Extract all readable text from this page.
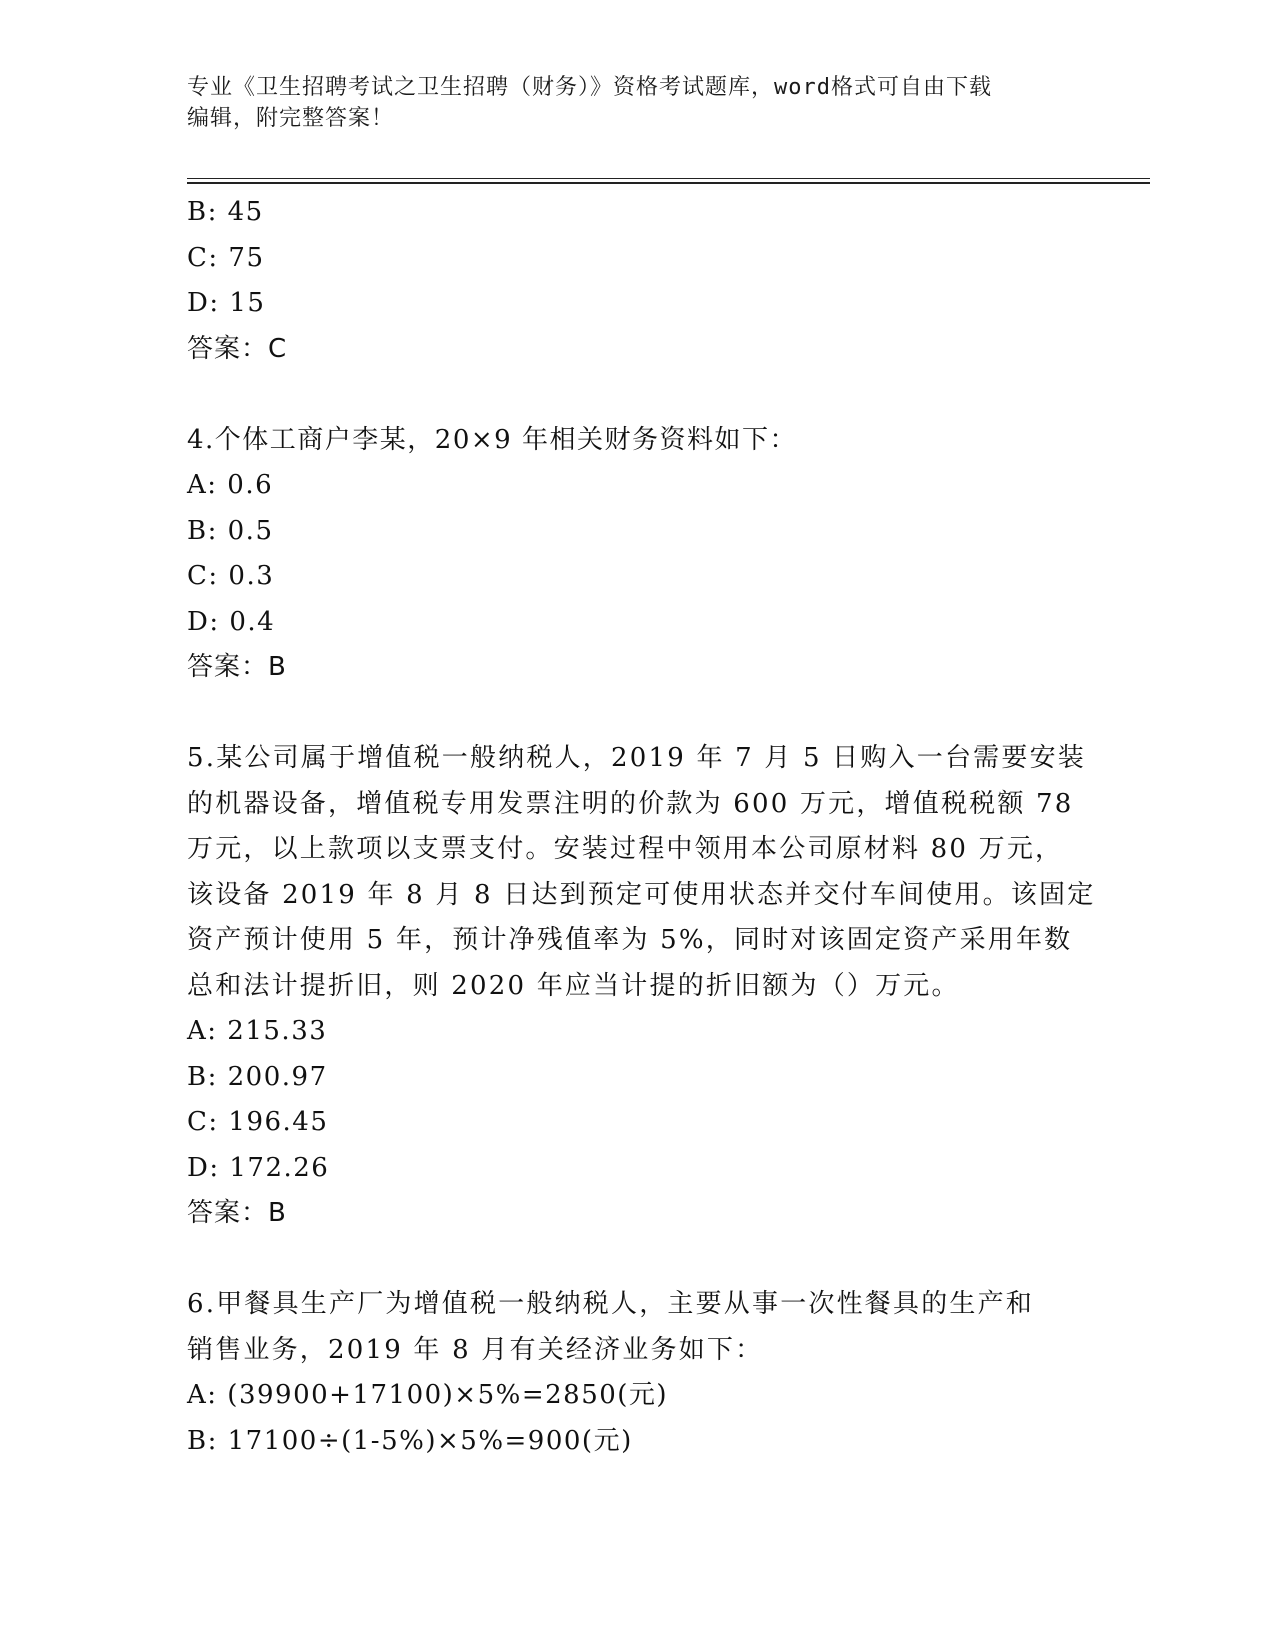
专业《卫生招聘考试之卫生招聘（财务）》资格考试题库，word格式可自由下载
编辑，附完整答案！
B: 45
C: 75
D: 15
答案：C
4.个体工商户李某，20×9 年相关财务资料如下：
A: 0.6
B: 0.5
C: 0.3
D: 0.4
答案：B
5.某公司属于增值税一般纳税人，2019 年 7 月 5 日购入一台需要安装
的机器设备，增值税专用发票注明的价款为 600 万元，增值税税额 78
万元，以上款项以支票支付。安装过程中领用本公司原材料 80 万元，
该设备 2019 年 8 月 8 日达到预定可使用状态并交付车间使用。该固定
资产预计使用 5 年，预计净残值率为 5%，同时对该固定资产采用年数
总和法计提折旧，则 2020 年应当计提的折旧额为（）万元。
A: 215.33
B: 200.97
C: 196.45
D: 172.26
答案：B
6.甲餐具生产厂为增值税一般纳税人，主要从事一次性餐具的生产和
销售业务，2019 年 8 月有关经济业务如下：
A: (39900+17100)×5%=2850(元)
B: 17100÷(1-5%)×5%=900(元)
